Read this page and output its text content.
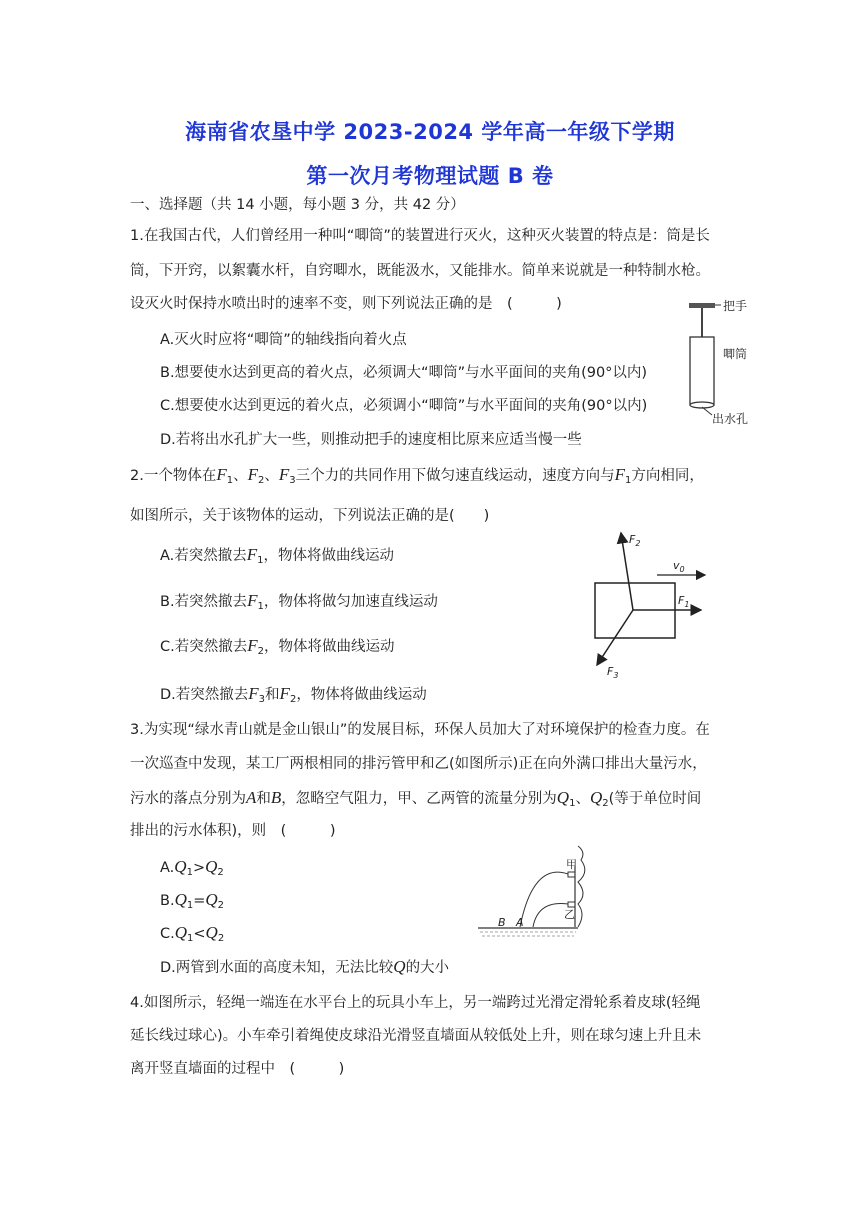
海南省农垦中学 2023-2024 学年高一年级下学期
第一次月考物理试题 B 卷
一、选择题（共 14 小题，每小题 3 分，共 42 分）
1.在我国古代，人们曾经用一种叫“唧筒”的装置进行灭火，这种灭火装置的特点是：筒是长
筒，下开窍，以絮囊水杆，自窍唧水，既能汲水，又能排水。简单来说就是一种特制水枪。
设灭火时保持水喷出时的速率不变，则下列说法正确的是　(　　　)
A.灭火时应将“唧筒”的轴线指向着火点
B.想要使水达到更高的着火点，必须调大“唧筒”与水平面间的夹角(90°以内)
C.想要使水达到更远的着火点，必须调小“唧筒”与水平面间的夹角(90°以内)
D.若将出水孔扩大一些，则推动把手的速度相比原来应适当慢一些
把手
唧筒
出水孔
2.一个物体在$F_1$、$F_2$、$F_3$三个力的共同作用下做匀速直线运动，速度方向与$F_1$方向相同，
如图所示，关于该物体的运动，下列说法正确的是(　　)
A.若突然撤去$F_1$，物体将做曲线运动
B.若突然撤去$F_1$，物体将做匀加速直线运动
C.若突然撤去$F_2$，物体将做曲线运动
D.若突然撤去$F_3$和$F_2$，物体将做曲线运动
$F_2$
$F_1$
$F_3$
$v_0$
3.为实现“绿水青山就是金山银山”的发展目标，环保人员加大了对环境保护的检查力度。在
一次巡查中发现，某工厂两根相同的排污管甲和乙(如图所示)正在向外满口排出大量污水，
污水的落点分别为A和B，忽略空气阻力，甲、乙两管的流量分别为$Q_1$、$Q_2$(等于单位时间
排出的污水体积)，则　(　　　)
$A.Q_1>Q_2$
$B.Q_1=Q_2$
$C.Q_1<Q_2$
D.两管到水面的高度未知，无法比较Q的大小
甲
乙
B A
4.如图所示，轻绳一端连在水平台上的玩具小车上，另一端跨过光滑定滑轮系着皮球(轻绳
延长线过球心)。小车牵引着绳使皮球沿光滑竖直墙面从较低处上升，则在球匀速上升且未
离开竖直墙面的过程中　(　　　)
